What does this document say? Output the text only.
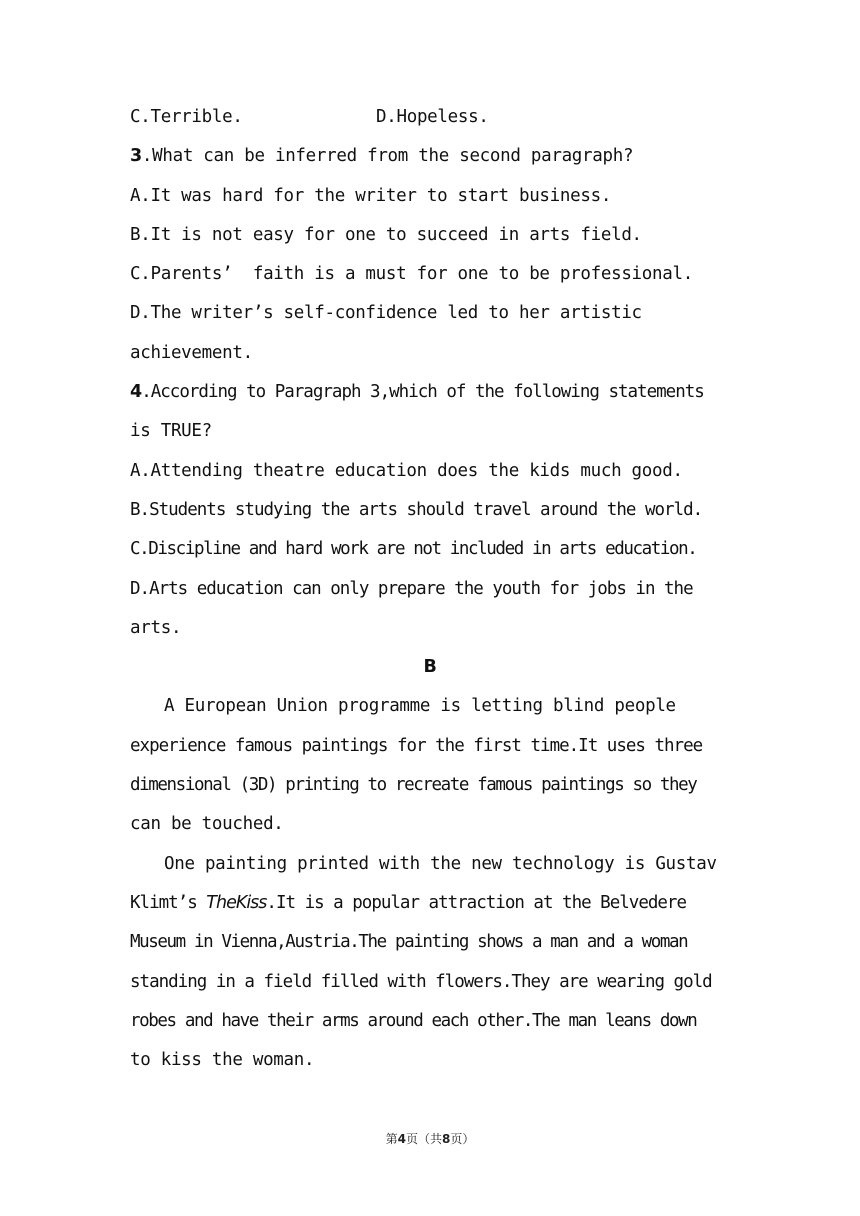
C.Terrible.	D.Hopeless.
3.What can be inferred from the second paragraph?
A.It was hard for the writer to start business.
B.It is not easy for one to succeed in arts field.
C.Parents’  faith is a must for one to be professional.
D.The writer’s self-confidence led to her artistic
achievement.
4.According to Paragraph 3,which of the following statements
is TRUE?
A.Attending theatre education does the kids much good.
B.Students studying the arts should travel around the world.
C.Discipline and hard work are not included in arts education.
D.Arts education can only prepare the youth for jobs in the
arts.
B
A European Union programme is letting blind people
experience famous paintings for the first time.It uses three
dimensional (3D) printing to recreate famous paintings so they
can be touched.
One painting printed with the new technology is Gustav
Klimt’s TheKiss.It is a popular attraction at the Belvedere
Museum in Vienna,Austria.The painting shows a man and a woman
standing in a field filled with flowers.They are wearing gold
robes and have their arms around each other.The man leans down
to kiss the woman.
第4页（共8页）
